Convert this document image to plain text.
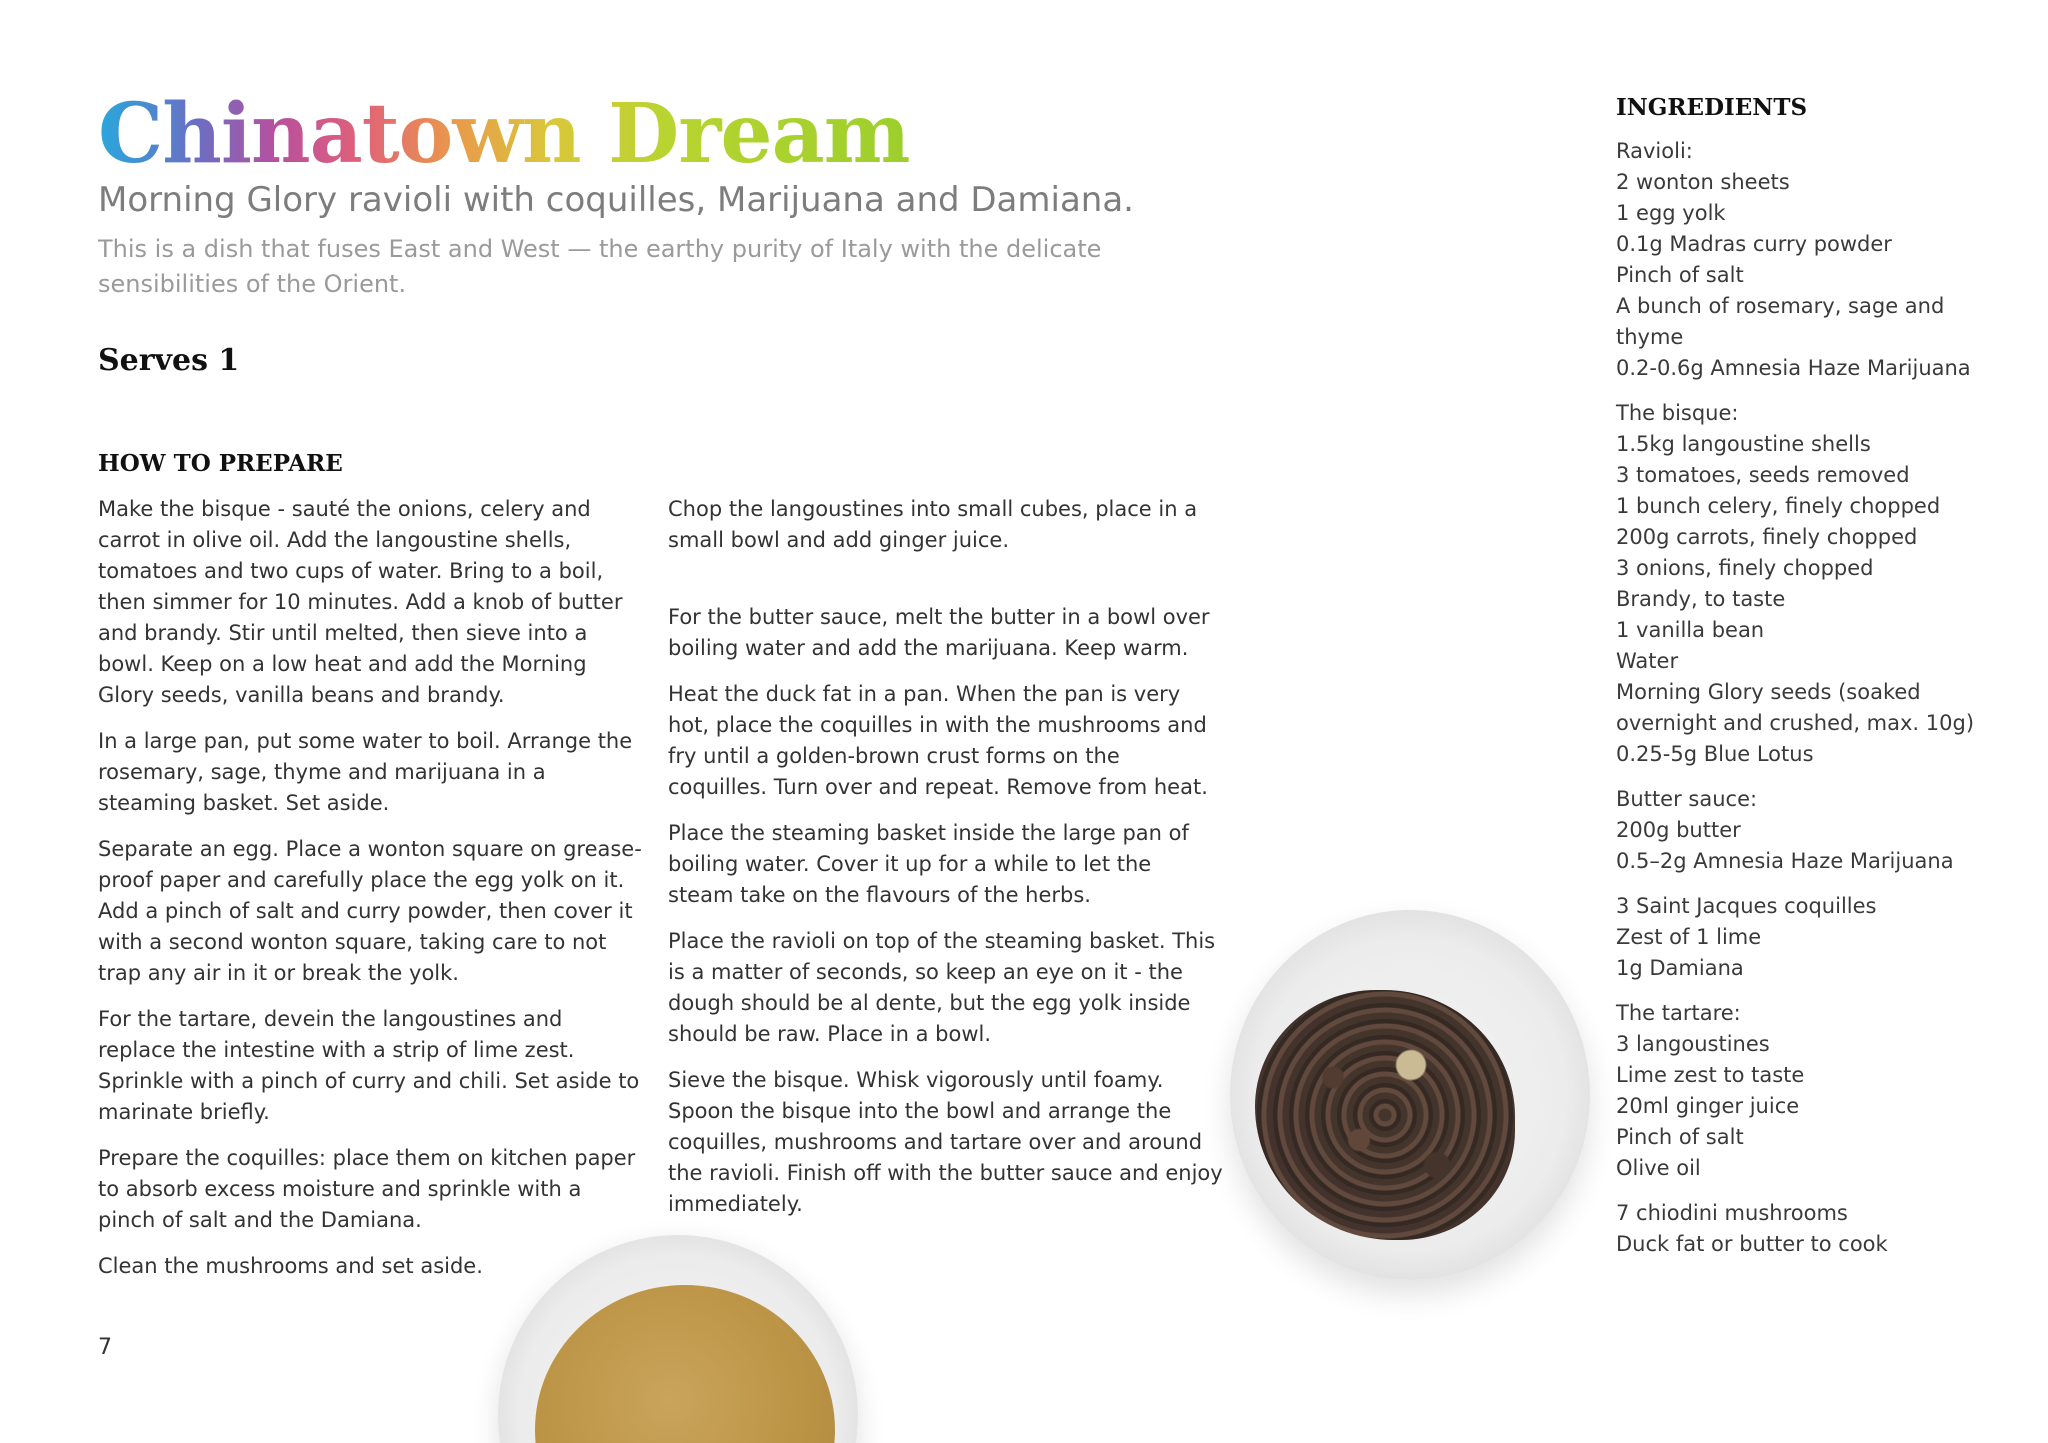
Chinatown Dream
Morning Glory ravioli with coquilles, Marijuana and Damiana.

This is a dish that fuses East and West — the earthy purity of Italy with the delicate sensibilities of the Orient.

Serves 1
HOW TO PREPARE

Make the bisque - sauté the onions, celery and carrot in olive oil. Add the langoustine shells, tomatoes and two cups of water. Bring to a boil, then simmer for 10 minutes. Add a knob of butter and brandy. Stir until melted, then sieve into a bowl. Keep on a low heat and add the Morning Glory seeds, vanilla beans and brandy.

In a large pan, put some water to boil. Arrange the rosemary, sage, thyme and marijuana in a steaming basket. Set aside.

Separate an egg. Place a wonton square on grease-proof paper and carefully place the egg yolk on it. Add a pinch of salt and curry powder, then cover it with a second wonton square, taking care to not trap any air in it or break the yolk.

For the tartare, devein the langoustines and replace the intestine with a strip of lime zest. Sprinkle with a pinch of curry and chili. Set aside to marinate briefly.

Prepare the coquilles: place them on kitchen paper to absorb excess moisture and sprinkle with a pinch of salt and the Damiana.

Clean the mushrooms and set aside.

Chop the langoustines into small cubes, place in a small bowl and add ginger juice.

For the butter sauce, melt the butter in a bowl over boiling water and add the marijuana. Keep warm.

Heat the duck fat in a pan. When the pan is very hot, place the coquilles in with the mushrooms and fry until a golden-brown crust forms on the coquilles. Turn over and repeat. Remove from heat.

Place the steaming basket inside the large pan of boiling water. Cover it up for a while to let the steam take on the flavours of the herbs.

Place the ravioli on top of the steaming basket. This is a matter of seconds, so keep an eye on it - the dough should be al dente, but the egg yolk inside should be raw. Place in a bowl.

Sieve the bisque. Whisk vigorously until foamy. Spoon the bisque into the bowl and arrange the coquilles, mushrooms and tartare over and around the ravioli. Finish off with the butter sauce and enjoy immediately.

INGREDIENTS
Ravioli:
2 wonton sheets
1 egg yolk
0.1g Madras curry powder
Pinch of salt
A bunch of rosemary, sage and thyme
0.2-0.6g Amnesia Haze Marijuana
The bisque:
1.5kg langoustine shells
3 tomatoes, seeds removed
1 bunch celery, finely chopped
200g carrots, finely chopped
3 onions, finely chopped
Brandy, to taste
1 vanilla bean
Water
Morning Glory seeds (soaked overnight and crushed, max. 10g)
0.25-5g Blue Lotus
Butter sauce:
200g butter
0.5–2g Amnesia Haze Marijuana
3 Saint Jacques coquilles
Zest of 1 lime
1g Damiana
The tartare:
3 langoustines
Lime zest to taste
20ml ginger juice
Pinch of salt
Olive oil
7 chiodini mushrooms
Duck fat or butter to cook
7
